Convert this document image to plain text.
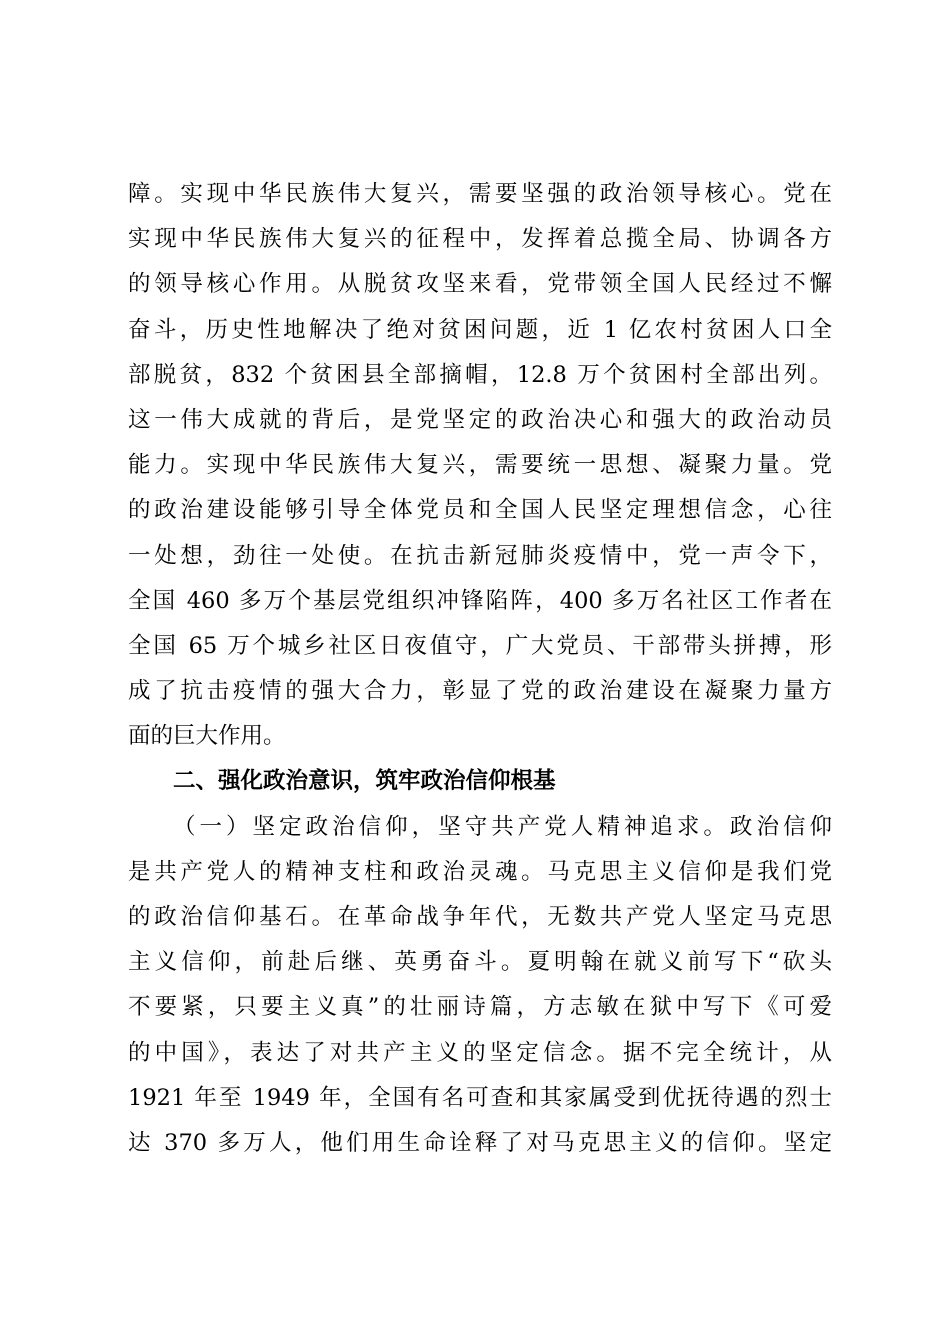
障。实现中华民族伟大复兴，需要坚强的政治领导核心。党在
实现中华民族伟大复兴的征程中，发挥着总揽全局、协调各方
的领导核心作用。从脱贫攻坚来看，党带领全国人民经过不懈
奋斗，历史性地解决了绝对贫困问题，近 1 亿农村贫困人口全
部脱贫，832 个贫困县全部摘帽，12.8 万个贫困村全部出列。
这一伟大成就的背后，是党坚定的政治决心和强大的政治动员
能力。实现中华民族伟大复兴，需要统一思想、凝聚力量。党
的政治建设能够引导全体党员和全国人民坚定理想信念，心往
一处想，劲往一处使。在抗击新冠肺炎疫情中，党一声令下，
全国 460 多万个基层党组织冲锋陷阵，400 多万名社区工作者在
全国 65 万个城乡社区日夜值守，广大党员、干部带头拼搏，形
成了抗击疫情的强大合力，彰显了党的政治建设在凝聚力量方
面的巨大作用。
二、强化政治意识，筑牢政治信仰根基
（一）坚定政治信仰，坚守共产党人精神追求。政治信仰
是共产党人的精神支柱和政治灵魂。马克思主义信仰是我们党
的政治信仰基石。在革命战争年代，无数共产党人坚定马克思
主义信仰，前赴后继、英勇奋斗。夏明翰在就义前写下“砍头
不要紧，只要主义真”的壮丽诗篇，方志敏在狱中写下《可爱
的中国》，表达了对共产主义的坚定信念。据不完全统计，从
1921 年至 1949 年，全国有名可查和其家属受到优抚待遇的烈士
达 370 多万人，他们用生命诠释了对马克思主义的信仰。坚定
